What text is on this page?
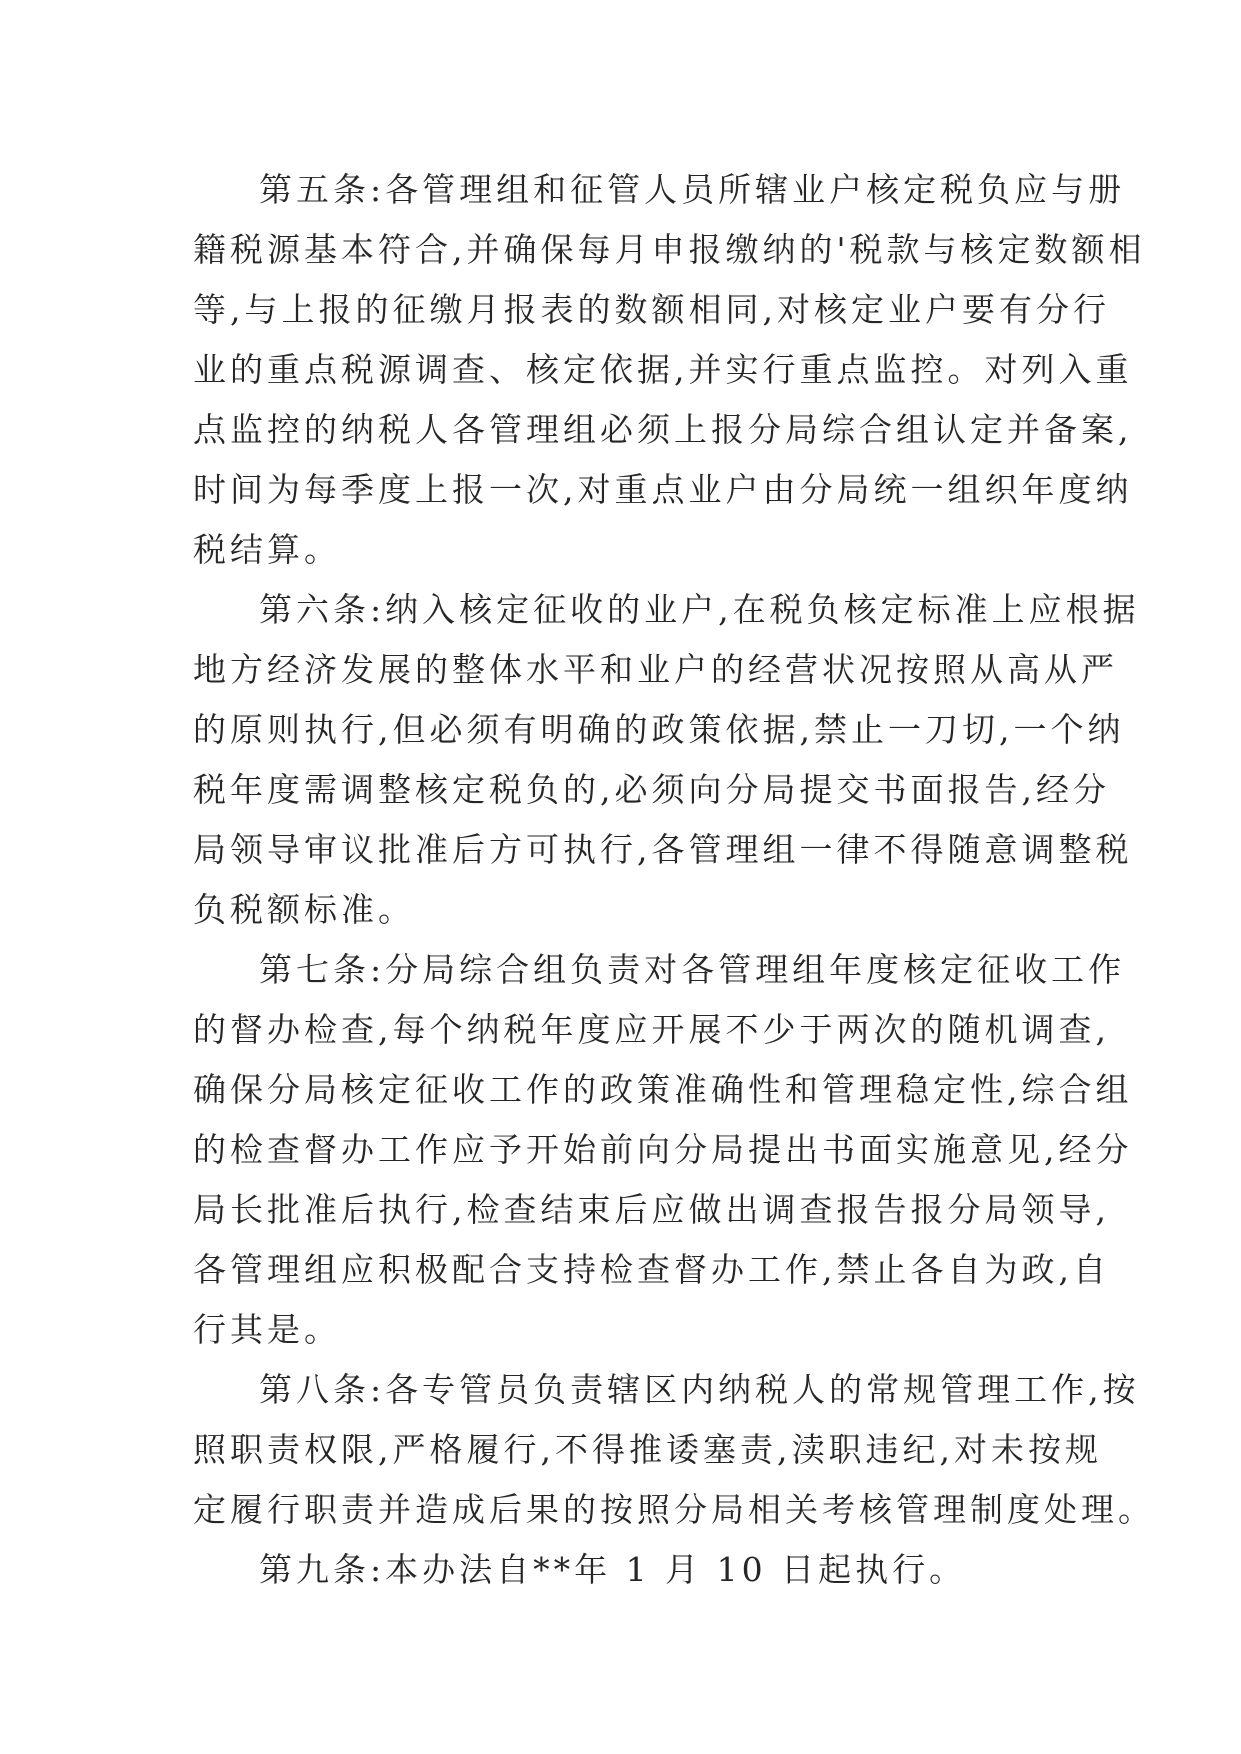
第五条:各管理组和征管人员所辖业户核定税负应与册
籍税源基本符合,并确保每月申报缴纳的'税款与核定数额相
等,与上报的征缴月报表的数额相同,对核定业户要有分行
业的重点税源调查、核定依据,并实行重点监控。对列入重
点监控的纳税人各管理组必须上报分局综合组认定并备案,
时间为每季度上报一次,对重点业户由分局统一组织年度纳
税结算。
第六条:纳入核定征收的业户,在税负核定标准上应根据
地方经济发展的整体水平和业户的经营状况按照从高从严
的原则执行,但必须有明确的政策依据,禁止一刀切,一个纳
税年度需调整核定税负的,必须向分局提交书面报告,经分
局领导审议批准后方可执行,各管理组一律不得随意调整税
负税额标准。
第七条:分局综合组负责对各管理组年度核定征收工作
的督办检查,每个纳税年度应开展不少于两次的随机调查,
确保分局核定征收工作的政策准确性和管理稳定性,综合组
的检查督办工作应予开始前向分局提出书面实施意见,经分
局长批准后执行,检查结束后应做出调查报告报分局领导,
各管理组应积极配合支持检查督办工作,禁止各自为政,自
行其是。
第八条:各专管员负责辖区内纳税人的常规管理工作,按
照职责权限,严格履行,不得推诿塞责,渎职违纪,对未按规
定履行职责并造成后果的按照分局相关考核管理制度处理。
第九条:本办法自**年 1 月 10 日起执行。
